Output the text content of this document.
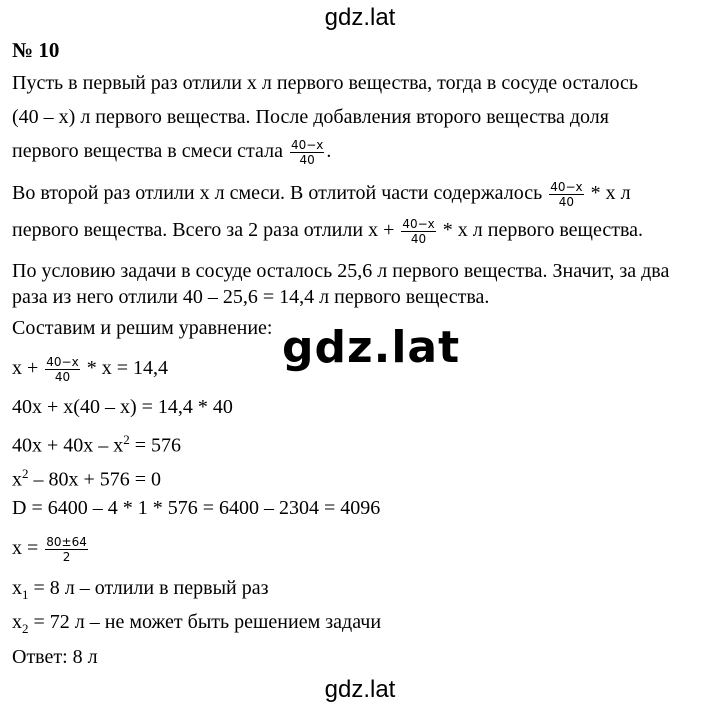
gdz.lat
№ 10
Пусть в первый раз отлили x л первого вещества, тогда в сосуде осталось
(40 – x) л первого вещества. После добавления второго вещества доля
первого вещества в смеси стала $\frac{40-x}{40}$ .
Во второй раз отлили x л смеси. В отлитой части содержалось $\frac{40-x}{40}$ * x л
первого вещества. Всего за 2 раза отлили $x + \frac{40-x}{40} * x$ л первого вещества.
По условию задачи в сосуде осталось 25,6 л первого вещества. Значит, за два
раза из него отлили 40 – 25,6 = 14,4 л первого вещества.
Составим и решим уравнение:
$x + \frac{40-x}{40} * x = 14,4$
40x + x(40 – x) = 14,4 * 40
$40x + 40x - x^2 = 576$
$x^2 - 80x + 576 = 0$
D = 6400 – 4 * 1 * 576 = 6400 – 2304 = 4096
$x = \frac{80\pm 64}{2}$
$x_1 = 8$ л – отлили в первый раз
$x_2 = 72$ л – не может быть решением задачи
Ответ: 8 л
gdz.lat
gdz.lat
